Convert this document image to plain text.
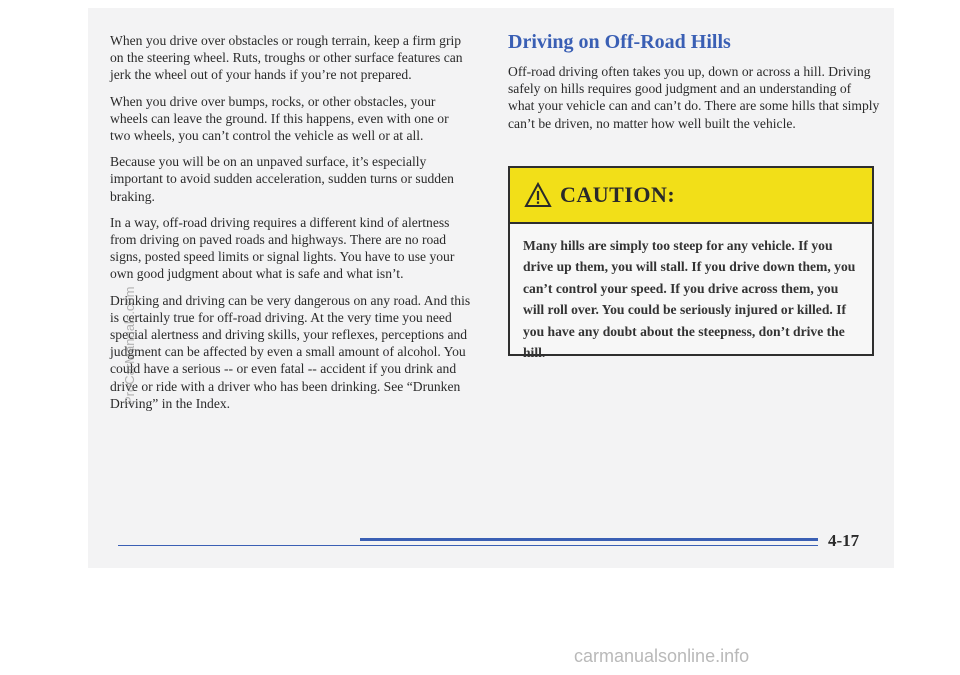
When you drive over obstacles or rough terrain, keep a firm grip on the steering wheel. Ruts, troughs or other surface features can jerk the wheel out of your hands if you’re not prepared.

When you drive over bumps, rocks, or other obstacles, your wheels can leave the ground. If this happens, even with one or two wheels, you can’t control the vehicle as well or at all.

Because you will be on an unpaved surface, it’s especially important to avoid sudden acceleration, sudden turns or sudden braking.

In a way, off-road driving requires a different kind of alertness from driving on paved roads and highways. There are no road signs, posted speed limits or signal lights. You have to use your own good judgment about what is safe and what isn’t.

Drinking and driving can be very dangerous on any road. And this is certainly true for off-road driving. At the very time you need special alertness and driving skills, your reflexes, perceptions and judgment can be affected by even a small amount of alcohol. You could have a serious -- or even fatal -- accident if you drink and drive or ride with a driver who has been drinking. See “Drunken Driving” in the Index.

Driving on Off-Road Hills

Off-road driving often takes you up, down or across a hill. Driving safely on hills requires good judgment and an understanding of what your vehicle can and can’t do. There are some hills that simply can’t be driven, no matter how well built the vehicle.

CAUTION:
Many hills are simply too steep for any vehicle. If you drive up them, you will stall. If you drive down them, you can’t control your speed. If you drive across them, you will roll over. You could be seriously injured or killed. If you have any doubt about the steepness, don’t drive the hill.
4-17
ProCarManuals.com
carmanualsonline.info
